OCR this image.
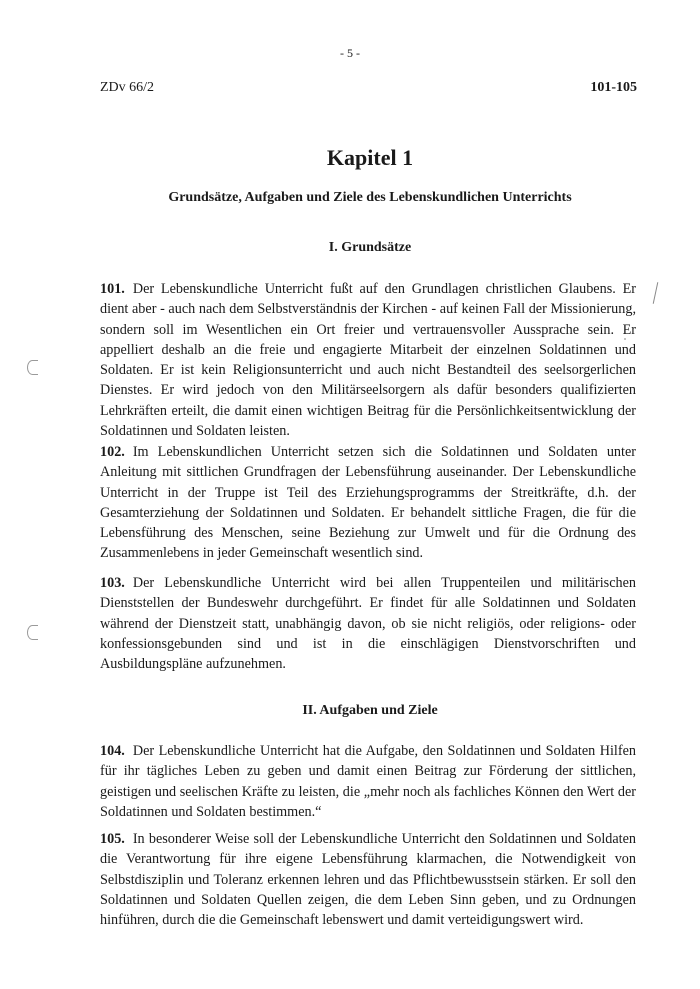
- 5 -
ZDv 66/2	101-105
Kapitel 1
Grundsätze, Aufgaben und Ziele des Lebenskundlichen Unterrichts
I. Grundsätze

101. Der Lebenskundliche Unterricht fußt auf den Grundlagen christlichen Glaubens. Er dient aber - auch nach dem Selbstverständnis der Kirchen - auf keinen Fall der Missionierung, sondern soll im Wesentlichen ein Ort freier und vertrauensvoller Aussprache sein. Er appelliert deshalb an die freie und engagierte Mitarbeit der einzelnen Soldatinnen und Soldaten. Er ist kein Religionsunterricht und auch nicht Bestandteil des seelsorgerlichen Dienstes. Er wird jedoch von den Militärseelsorgern als dafür besonders qualifizierten Lehrkräften erteilt, die damit einen wichtigen Beitrag für die Persönlichkeitsentwicklung der Soldatinnen und Soldaten leisten.

102. Im Lebenskundlichen Unterricht setzen sich die Soldatinnen und Soldaten unter Anleitung mit sittlichen Grundfragen der Lebensführung auseinander. Der Lebenskundliche Unterricht in der Truppe ist Teil des Erziehungsprogramms der Streitkräfte, d.h. der Gesamterziehung der Soldatinnen und Soldaten. Er behandelt sittliche Fragen, die für die Lebensführung des Menschen, seine Beziehung zur Umwelt und für die Ordnung des Zusammenlebens in jeder Gemeinschaft wesentlich sind.

103. Der Lebenskundliche Unterricht wird bei allen Truppenteilen und militärischen Dienststellen der Bundeswehr durchgeführt. Er findet für alle Soldatinnen und Soldaten während der Dienstzeit statt, unabhängig davon, ob sie nicht religiös, oder religions- oder konfessionsgebunden sind und ist in die einschlägigen Dienstvorschriften und Ausbildungspläne aufzunehmen.

II. Aufgaben und Ziele

104. Der Lebenskundliche Unterricht hat die Aufgabe, den Soldatinnen und Soldaten Hilfen für ihr tägliches Leben zu geben und damit einen Beitrag zur Förderung der sittlichen, geistigen und seelischen Kräfte zu leisten, die „mehr noch als fachliches Können den Wert der Soldatinnen und Soldaten bestimmen.“

105. In besonderer Weise soll der Lebenskundliche Unterricht den Soldatinnen und Soldaten die Verantwortung für ihre eigene Lebensführung klarmachen, die Notwendigkeit von Selbstdisziplin und Toleranz erkennen lehren und das Pflichtbewusstsein stärken. Er soll den Soldatinnen und Soldaten Quellen zeigen, die dem Leben Sinn geben, und zu Ordnungen hinführen, durch die die Gemeinschaft lebenswert und damit verteidigungswert wird.
